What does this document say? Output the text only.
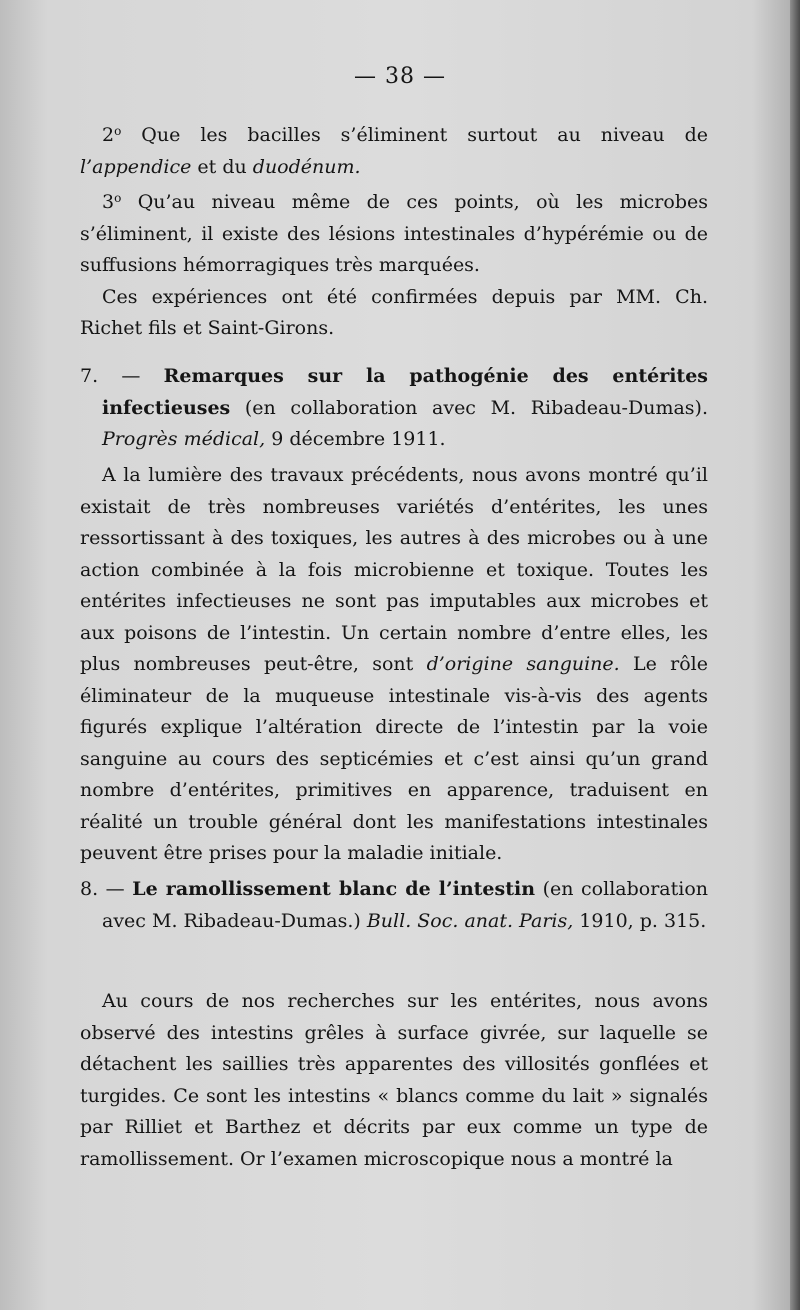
— 38 —

2$^o$ Que les bacilles s’éliminent surtout au niveau de l’appendice et du duodénum.

3$^o$ Qu’au niveau même de ces points, où les microbes s’éliminent, il existe des lésions intestinales d’hypérémie ou de suffusions hémorragiques très marquées.

Ces expériences ont été confirmées depuis par MM. Ch. Richet fils et Saint-Girons.

7. — Remarques sur la pathogénie des entérites infectieuses (en collaboration avec M. Ribadeau-Dumas). Progrès médical, 9 décembre 1911.

A la lumière des travaux précédents, nous avons montré qu’il existait de très nombreuses variétés d’entérites, les unes ressortissant à des toxiques, les autres à des microbes ou à une action combinée à la fois microbienne et toxique. Toutes les entérites infectieuses ne sont pas imputables aux microbes et aux poisons de l’intestin. Un certain nombre d’entre elles, les plus nombreuses peut-être, sont d’origine sanguine. Le rôle éliminateur de la muqueuse intestinale vis-à-vis des agents figurés explique l’altération directe de l’intestin par la voie sanguine au cours des septicémies et c’est ainsi qu’un grand nombre d’entérites, primitives en apparence, traduisent en réalité un trouble général dont les manifestations intestinales peuvent être prises pour la maladie initiale.

8. — Le ramollissement blanc de l’intestin (en collaboration avec M. Ribadeau-Dumas.) Bull. Soc. anat. Paris, 1910, p. 315.

Au cours de nos recherches sur les entérites, nous avons observé des intestins grêles à surface givrée, sur laquelle se détachent les saillies très apparentes des villosités gonflées et turgides. Ce sont les intestins « blancs comme du lait » signalés par Rilliet et Barthez et décrits par eux comme un type de ramollissement. Or l’examen microscopique nous a montré la
